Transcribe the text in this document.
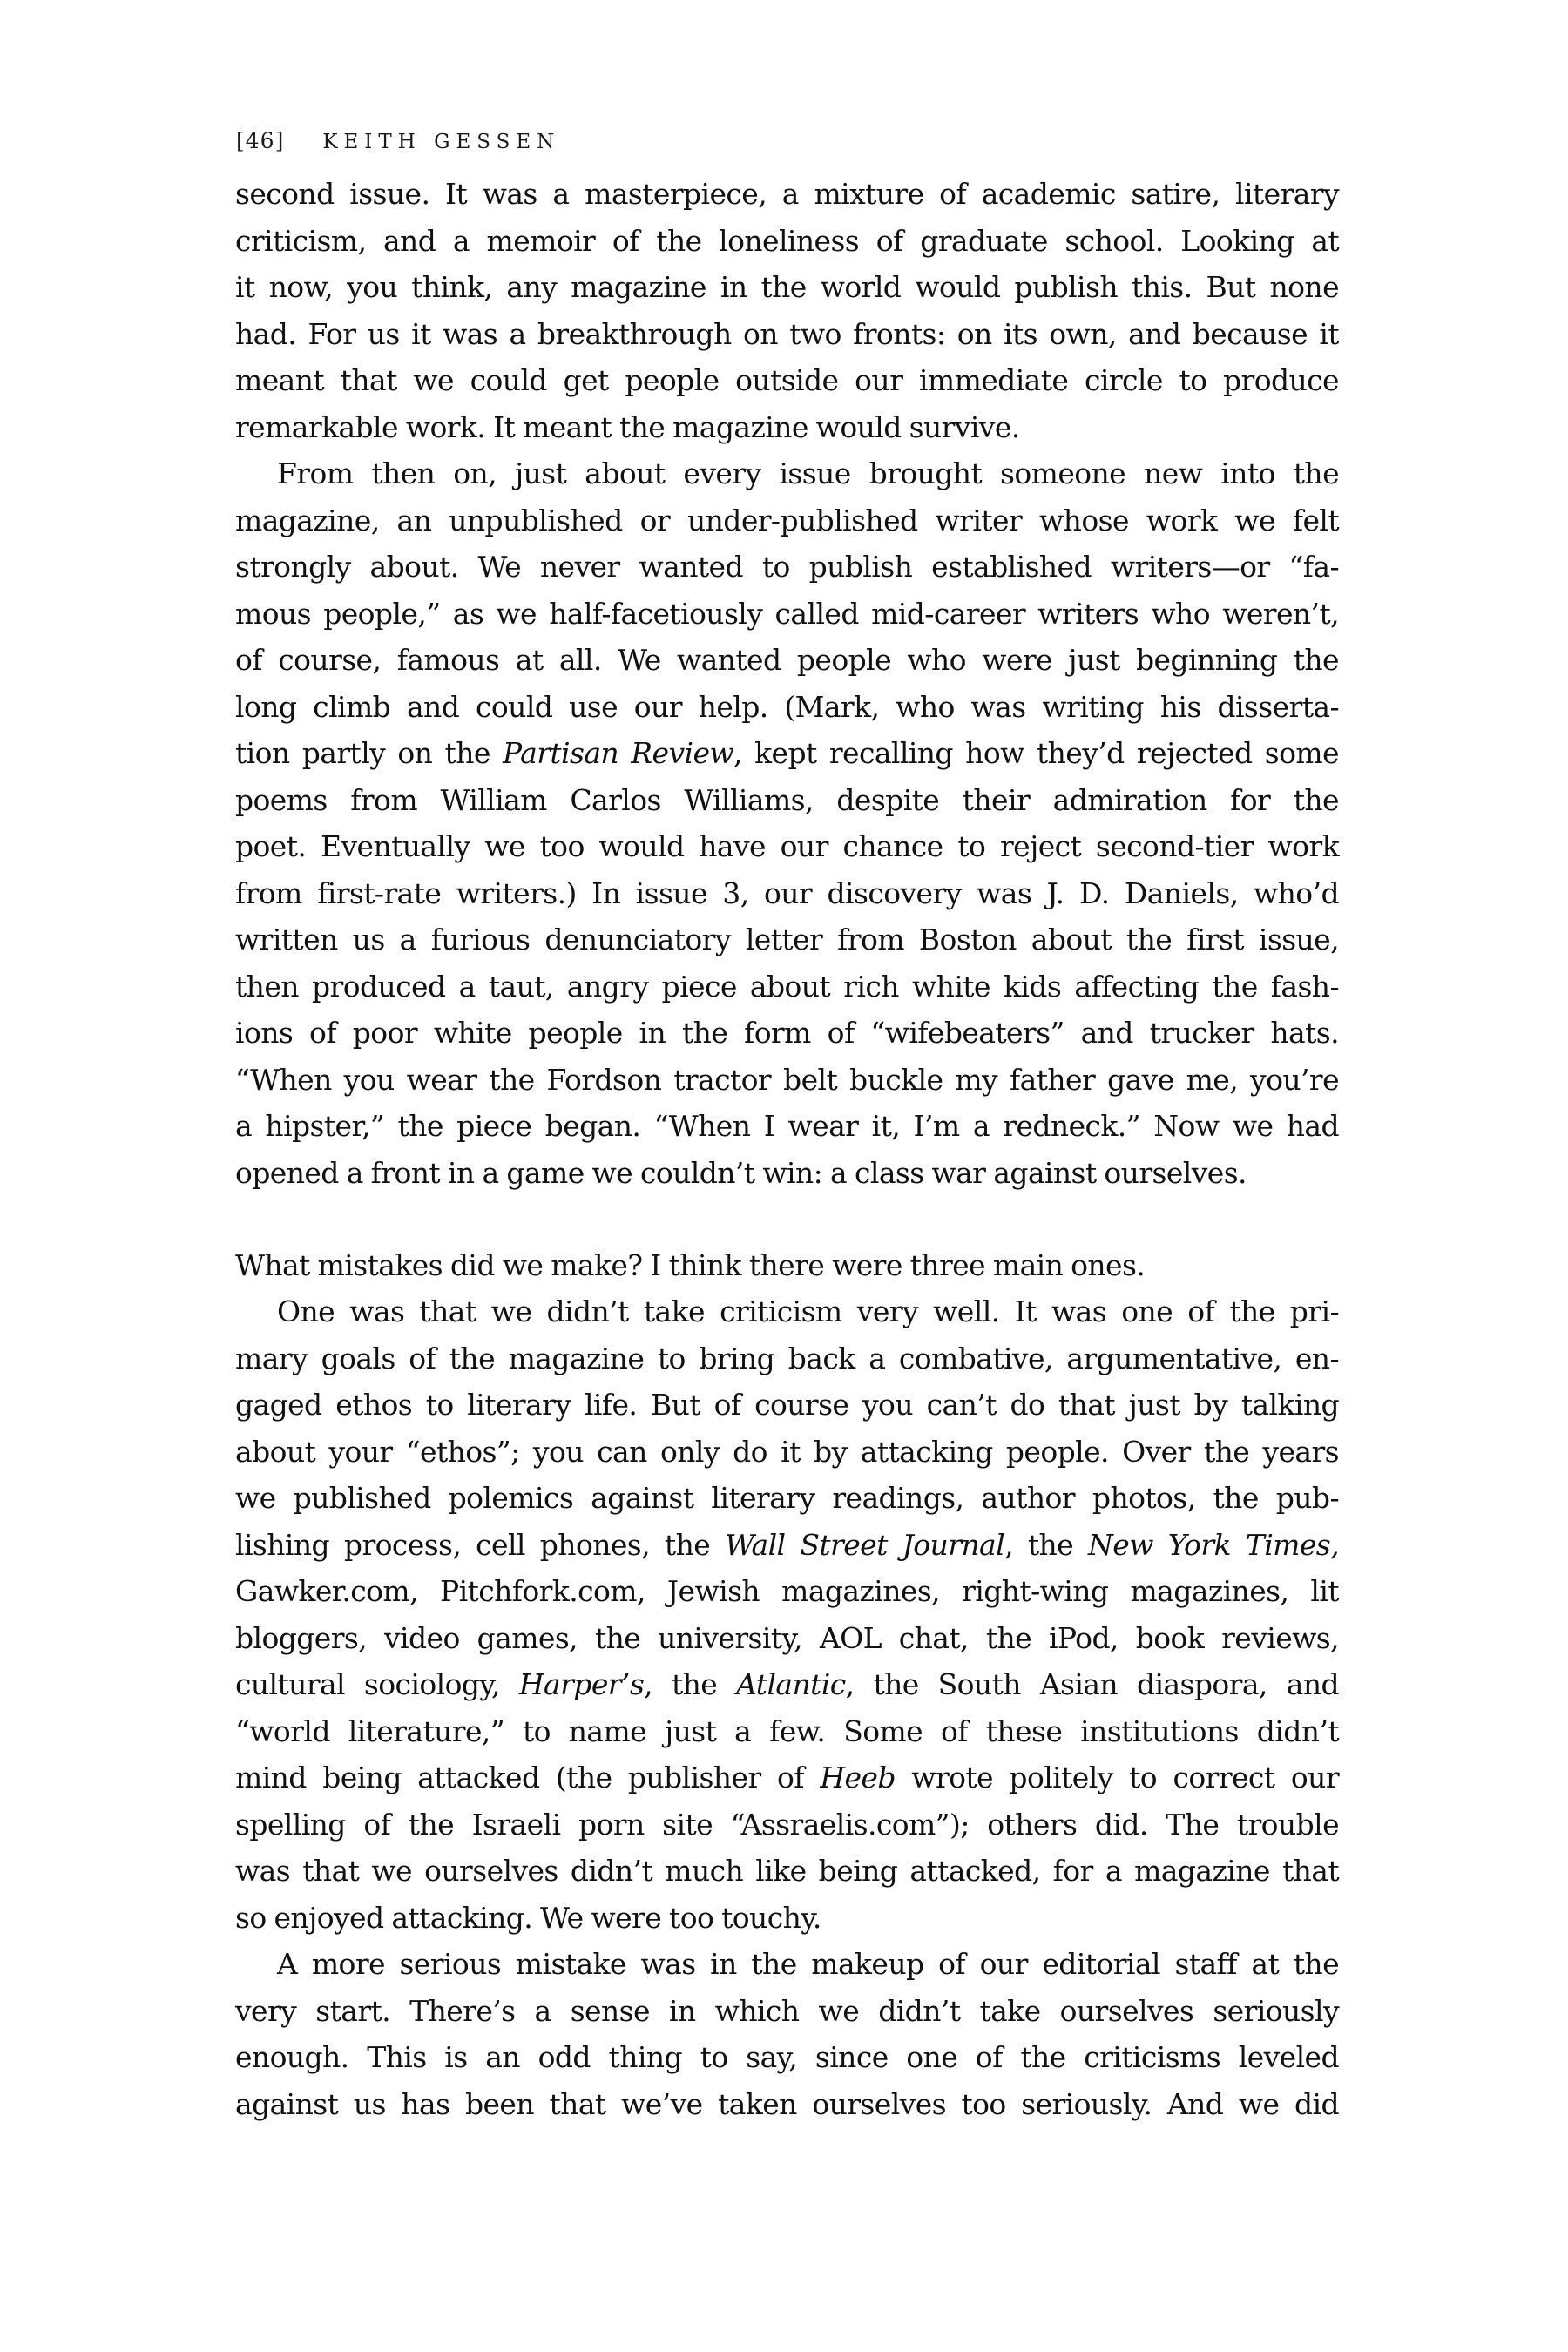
[46] KEITH GESSEN
second issue. It was a masterpiece, a mixture of academic satire, literary
criticism, and a memoir of the loneliness of graduate school. Looking at
it now, you think, any magazine in the world would publish this. But none
had. For us it was a breakthrough on two fronts: on its own, and because it
meant that we could get people outside our immediate circle to produce
remarkable work. It meant the magazine would survive.
From then on, just about every issue brought someone new into the
magazine, an unpublished or under-published writer whose work we felt
strongly about. We never wanted to publish established writers—or “fa-
mous people,” as we half-facetiously called mid-career writers who weren’t,
of course, famous at all. We wanted people who were just beginning the
long climb and could use our help. (Mark, who was writing his disserta-
tion partly on the Partisan Review, kept recalling how they’d rejected some
poems from William Carlos Williams, despite their admiration for the
poet. Eventually we too would have our chance to reject second-tier work
from first-rate writers.) In issue 3, our discovery was J. D. Daniels, who’d
written us a furious denunciatory letter from Boston about the first issue,
then produced a taut, angry piece about rich white kids affecting the fash-
ions of poor white people in the form of “wifebeaters” and trucker hats.
“When you wear the Fordson tractor belt buckle my father gave me, you’re
a hipster,” the piece began. “When I wear it, I’m a redneck.” Now we had
opened a front in a game we couldn’t win: a class war against ourselves.
What mistakes did we make? I think there were three main ones.
One was that we didn’t take criticism very well. It was one of the pri-
mary goals of the magazine to bring back a combative, argumentative, en-
gaged ethos to literary life. But of course you can’t do that just by talking
about your “ethos”; you can only do it by attacking people. Over the years
we published polemics against literary readings, author photos, the pub-
lishing process, cell phones, the Wall Street Journal, the New York Times,
Gawker.com, Pitchfork.com, Jewish magazines, right-wing magazines, lit
bloggers, video games, the university, AOL chat, the iPod, book reviews,
cultural sociology, Harper’s, the Atlantic, the South Asian diaspora, and
“world literature,” to name just a few. Some of these institutions didn’t
mind being attacked (the publisher of Heeb wrote politely to correct our
spelling of the Israeli porn site “Assraelis.com”); others did. The trouble
was that we ourselves didn’t much like being attacked, for a magazine that
so enjoyed attacking. We were too touchy.
A more serious mistake was in the makeup of our editorial staff at the
very start. There’s a sense in which we didn’t take ourselves seriously
enough. This is an odd thing to say, since one of the criticisms leveled
against us has been that we’ve taken ourselves too seriously. And we did
